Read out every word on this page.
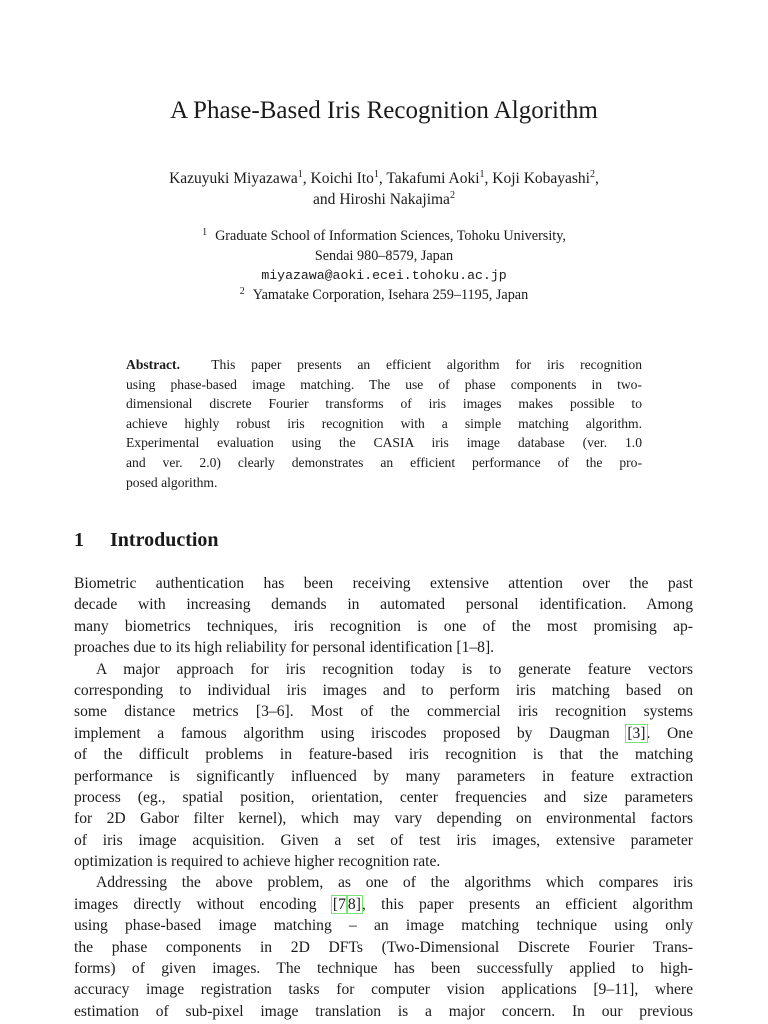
A Phase-Based Iris Recognition Algorithm
Kazuyuki Miyazawa$^1$, Koichi Ito$^1$, Takafumi Aoki$^1$, Koji Kobayashi$^2$,
and Hiroshi Nakajima$^2$
$^1$ Graduate School of Information Sciences, Tohoku University,
Sendai 980–8579, Japan
miyazawa@aoki.ecei.tohoku.ac.jp
$^2$ Yamatake Corporation, Isehara 259–1195, Japan
Abstract. This paper presents an efficient algorithm for iris recognition
using phase-based image matching. The use of phase components in two-
dimensional discrete Fourier transforms of iris images makes possible to
achieve highly robust iris recognition with a simple matching algorithm.
Experimental evaluation using the CASIA iris image database (ver. 1.0
and ver. 2.0) clearly demonstrates an efficient performance of the pro-
posed algorithm.
1 Introduction
Biometric authentication has been receiving extensive attention over the past
decade with increasing demands in automated personal identification. Among
many biometrics techniques, iris recognition is one of the most promising ap-
proaches due to its high reliability for personal identification [1–8].
A major approach for iris recognition today is to generate feature vectors
corresponding to individual iris images and to perform iris matching based on
some distance metrics [3–6]. Most of the commercial iris recognition systems
implement a famous algorithm using iriscodes proposed by Daugman [3]. One
of the difficult problems in feature-based iris recognition is that the matching
performance is significantly influenced by many parameters in feature extraction
process (eg., spatial position, orientation, center frequencies and size parameters
for 2D Gabor filter kernel), which may vary depending on environmental factors
of iris image acquisition. Given a set of test iris images, extensive parameter
optimization is required to achieve higher recognition rate.
Addressing the above problem, as one of the algorithms which compares iris
images directly without encoding [7 8], this paper presents an efficient algorithm
using phase-based image matching – an image matching technique using only
the phase components in 2D DFTs (Two-Dimensional Discrete Fourier Trans-
forms) of given images. The technique has been successfully applied to high-
accuracy image registration tasks for computer vision applications [9–11], where
estimation of sub-pixel image translation is a major concern. In our previous
